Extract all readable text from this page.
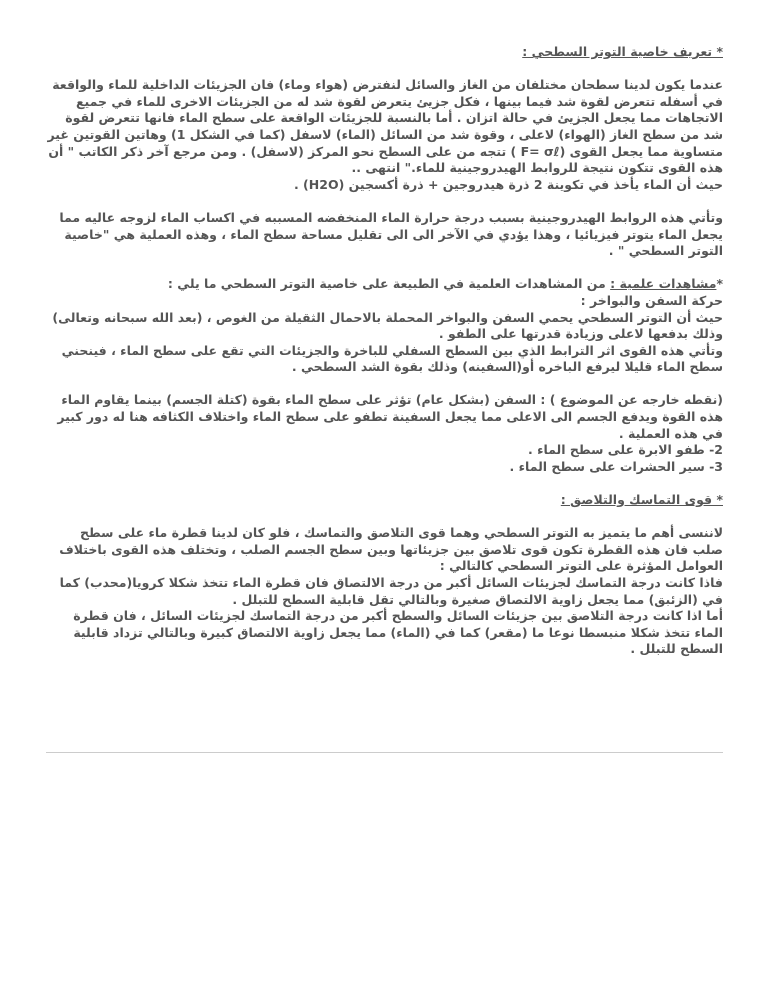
* تعريف خاصية التوتر السطحي :

عندما يكون لدينا سطحان مختلفان من الغاز والسائل لنفترض (هواء وماء) فان الجزيئات الداخلية للماء والواقعة في أسفله تتعرض لقوة شد فيما بينها ، فكل جزيئ يتعرض لقوة شد له من الجزيئات الاخرى للماء في جميع الاتجاهات مما يجعل الجزيئ في حالة اتزان . أما بالنسبة للجزيئات الواقعة على سطح الماء فانها تتعرض لقوة شد من سطح الغاز (الهواء) لاعلى ، وقوة شد من السائل (الماء) لاسفل (كما في الشكل 1) وهاتين القوتين غير متساوية مما يجعل القوى (F= σℓ ) تتجه من على السطح نحو المركز (لاسفل) . ومن مرجع آخر ذكر الكاتب " أن هذه القوى تتكون نتيجة للروابط الهيدروجينية للماء." انتهى ..

حيث أن الماء يأخذ في تكوينة 2 ذرة هيدروجين + ذرة أكسجين (H2O) .

وتأتي هذه الروابط الهيدروجينية بسبب درجة حرارة الماء المنخفضه المسببه في اكساب الماء لزوجه عاليه مما يجعل الماء يتوتر فيزيائيا ، وهذا يؤدي في الآخر الى الى تقليل مساحة سطح الماء ، وهذه العملية هي "خاصية التوتر السطحي " .

*مشاهدات علمية : من المشاهدات العلمية في الطبيعة على خاصية التوتر السطحي ما يلي :

حركة السفن والبواخر :

حيث أن التوتر السطحي يحمي السفن والبواخر المحملة بالاحمال الثقيلة من الغوص ، (بعد الله سبحانه وتعالى) وذلك بدفعها لاعلى وزيادة قدرتها على الطفو .

وتأتي هذه القوى اثر الترابط الذي بين السطح السفلي للباخرة والجزيئات التي تقع على سطح الماء ، فينحني سطح الماء قليلا ليرفع الباخره أو(السفينه) وذلك بقوة الشد السطحي .

(نقطه خارجه عن الموضوع ) : السفن (بشكل عام) تؤثر على سطح الماء بقوة (كتلة الجسم) بينما يقاوم الماء هذه القوة ويدفع الجسم الى الاعلى مما يجعل السفينة تطفو على سطح الماء واختلاف الكثافه هنا له دور كبير في هذه العملية .

2- طفو الابرة على سطح الماء .

3- سير الحشرات على سطح الماء .

* قوى التماسك والتلاصق :

لاننسى أهم ما يتميز به التوتر السطحي وهما قوى التلاصق والتماسك ، فلو كان لدينا قطرة ماء على سطح صلب فان هذه القطرة تكون قوى تلاصق بين جزيئاتها وبين سطح الجسم الصلب ، وتختلف هذه القوى باختلاف العوامل المؤثرة على التوتر السطحي كالتالي :

فاذا كانت درجة التماسك لجزيئات السائل أكبر من درجة الالتصاق فان قطرة الماء تتخذ شكلا كرويا(محدب) كما في (الزئبق) مما يجعل زاوية الالتصاق صغيرة وبالتالي تقل قابلية السطح للتبلل .

أما اذا كانت درجة التلاصق بين جزيئات السائل والسطح أكبر من درجة التماسك لجزيئات السائل ، فان قطرة الماء تتخذ شكلا منبسطا نوعا ما (مقعر) كما في (الماء) مما يجعل زاوية الالتصاق كبيرة وبالتالي تزداد قابلية السطح للتبلل .
